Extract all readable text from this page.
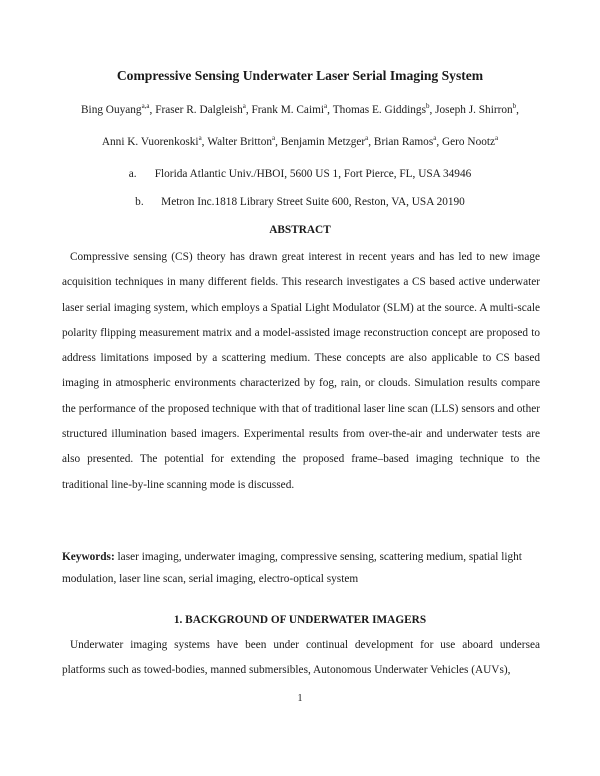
Compressive Sensing Underwater Laser Serial Imaging System
Bing Ouyang$^{a,a}$, Fraser R. Dalgleish$^a$, Frank M. Caimi$^a$, Thomas E. Giddings$^b$, Joseph J. Shirron$^b$,
Anni K. Vuorenkoski$^a$, Walter Britton$^a$, Benjamin Metzger$^a$, Brian Ramos$^a$, Gero Nootz$^a$
a. Florida Atlantic Univ./HBOI, 5600 US 1, Fort Pierce, FL, USA 34946
b. Metron Inc.1818 Library Street Suite 600, Reston, VA, USA 20190
ABSTRACT

Compressive sensing (CS) theory has drawn great interest in recent years and has led to new image acquisition techniques in many different fields. This research investigates a CS based active underwater laser serial imaging system, which employs a Spatial Light Modulator (SLM) at the source. A multi-scale polarity flipping measurement matrix and a model-assisted image reconstruction concept are proposed to address limitations imposed by a scattering medium. These concepts are also applicable to CS based imaging in atmospheric environments characterized by fog, rain, or clouds. Simulation results compare the performance of the proposed technique with that of traditional laser line scan (LLS) sensors and other structured illumination based imagers. Experimental results from over-the-air and underwater tests are also presented. The potential for extending the proposed frame–based imaging technique to the traditional line-by-line scanning mode is discussed.

Keywords: laser imaging, underwater imaging, compressive sensing, scattering medium, spatial light modulation, laser line scan, serial imaging, electro-optical system

1. BACKGROUND OF UNDERWATER IMAGERS

Underwater imaging systems have been under continual development for use aboard undersea platforms such as towed-bodies, manned submersibles, Autonomous Underwater Vehicles (AUVs),

1
